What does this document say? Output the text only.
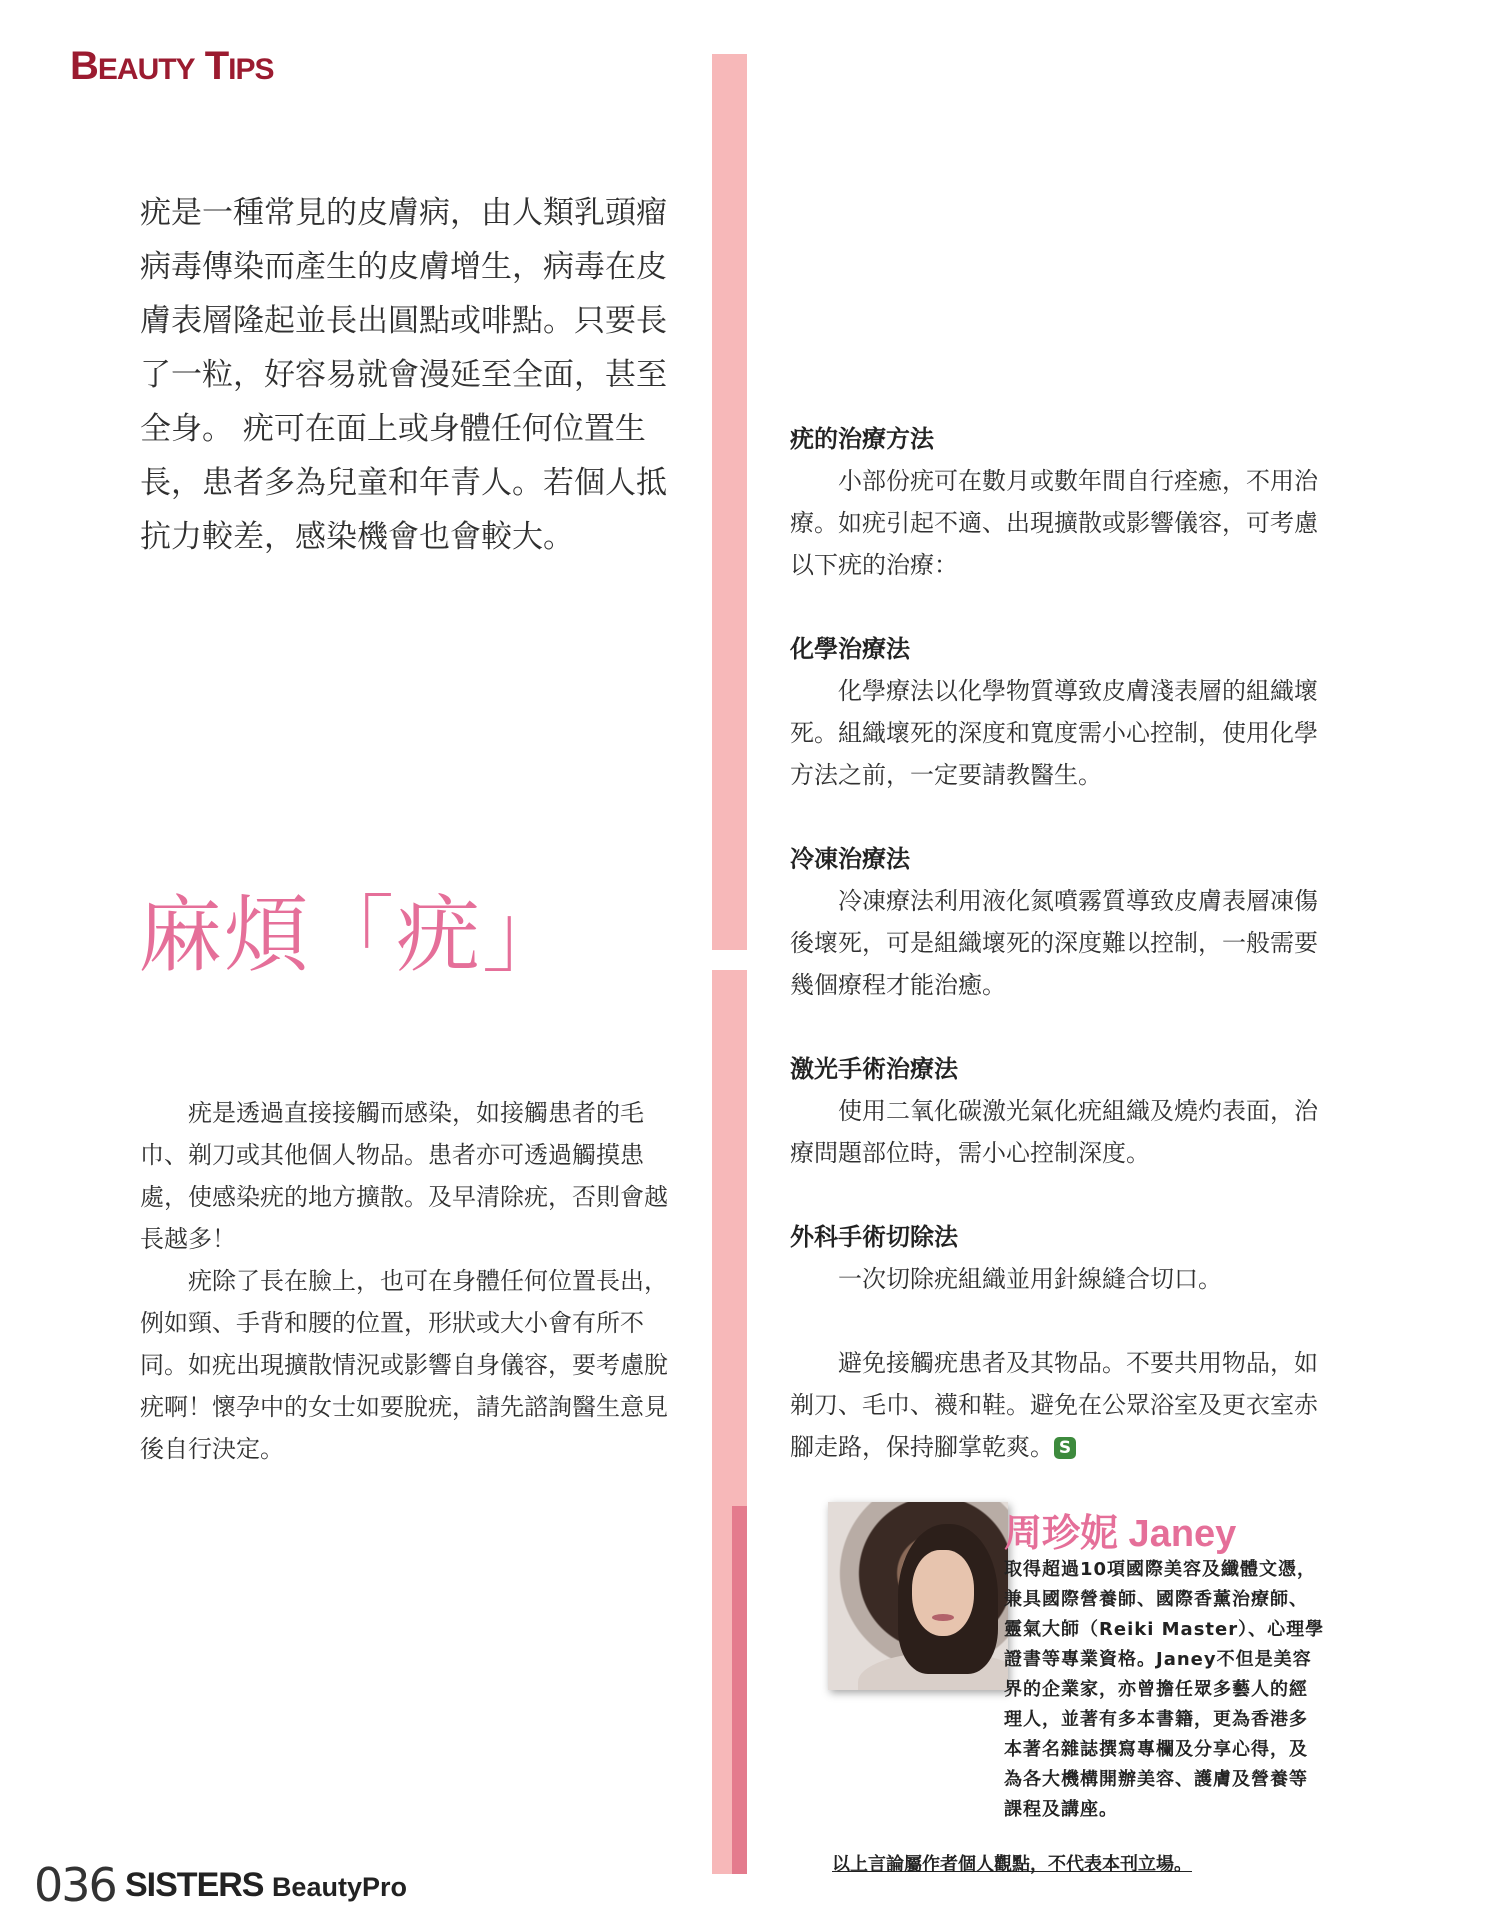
BEAUTY TIPS
疣是一種常見的皮膚病，由人類乳頭瘤病毒傳染而產生的皮膚增生，病毒在皮膚表層隆起並長出圓點或啡點。只要長了一粒，好容易就會漫延至全面，甚至全身。 疣可在面上或身體任何位置生長，患者多為兒童和年青人。若個人抵抗力較差，感染機會也會較大。
麻煩「疣」

疣是透過直接接觸而感染，如接觸患者的毛巾、剃刀或其他個人物品。患者亦可透過觸摸患處，使感染疣的地方擴散。及早清除疣，否則會越長越多！

疣除了長在臉上，也可在身體任何位置長出，例如頸、手背和腰的位置，形狀或大小會有所不同。如疣出現擴散情況或影響自身儀容，要考慮脫疣啊！懷孕中的女士如要脫疣，請先諮詢醫生意見後自行決定。

疣的治療方法

小部份疣可在數月或數年間自行痊癒，不用治療。如疣引起不適、出現擴散或影響儀容，可考慮以下疣的治療：

化學治療法

化學療法以化學物質導致皮膚淺表層的組織壞死。組織壞死的深度和寬度需小心控制，使用化學方法之前，一定要請教醫生。

冷凍治療法

冷凍療法利用液化氮噴霧質導致皮膚表層凍傷後壞死，可是組織壞死的深度難以控制，一般需要幾個療程才能治癒。

激光手術治療法

使用二氧化碳激光氣化疣組織及燒灼表面，治療問題部位時，需小心控制深度。

外科手術切除法

一次切除疣組織並用針線縫合切口。

避免接觸疣患者及其物品。不要共用物品，如剃刀、毛巾、襪和鞋。避免在公眾浴室及更衣室赤腳走路，保持腳掌乾爽。 S

周珍妮 Janey
取得超過10項國際美容及纖體文憑，兼具國際營養師、國際香薰治療師、靈氣大師（Reiki Master）、心理學證書等專業資格。Janey不但是美容界的企業家，亦曾擔任眾多藝人的經理人，並著有多本書籍，更為香港多本著名雜誌撰寫專欄及分享心得，及為各大機構開辦美容、護膚及營養等課程及講座。
以上言論屬作者個人觀點，不代表本刊立場。
036 SISTERS BeautyPro
